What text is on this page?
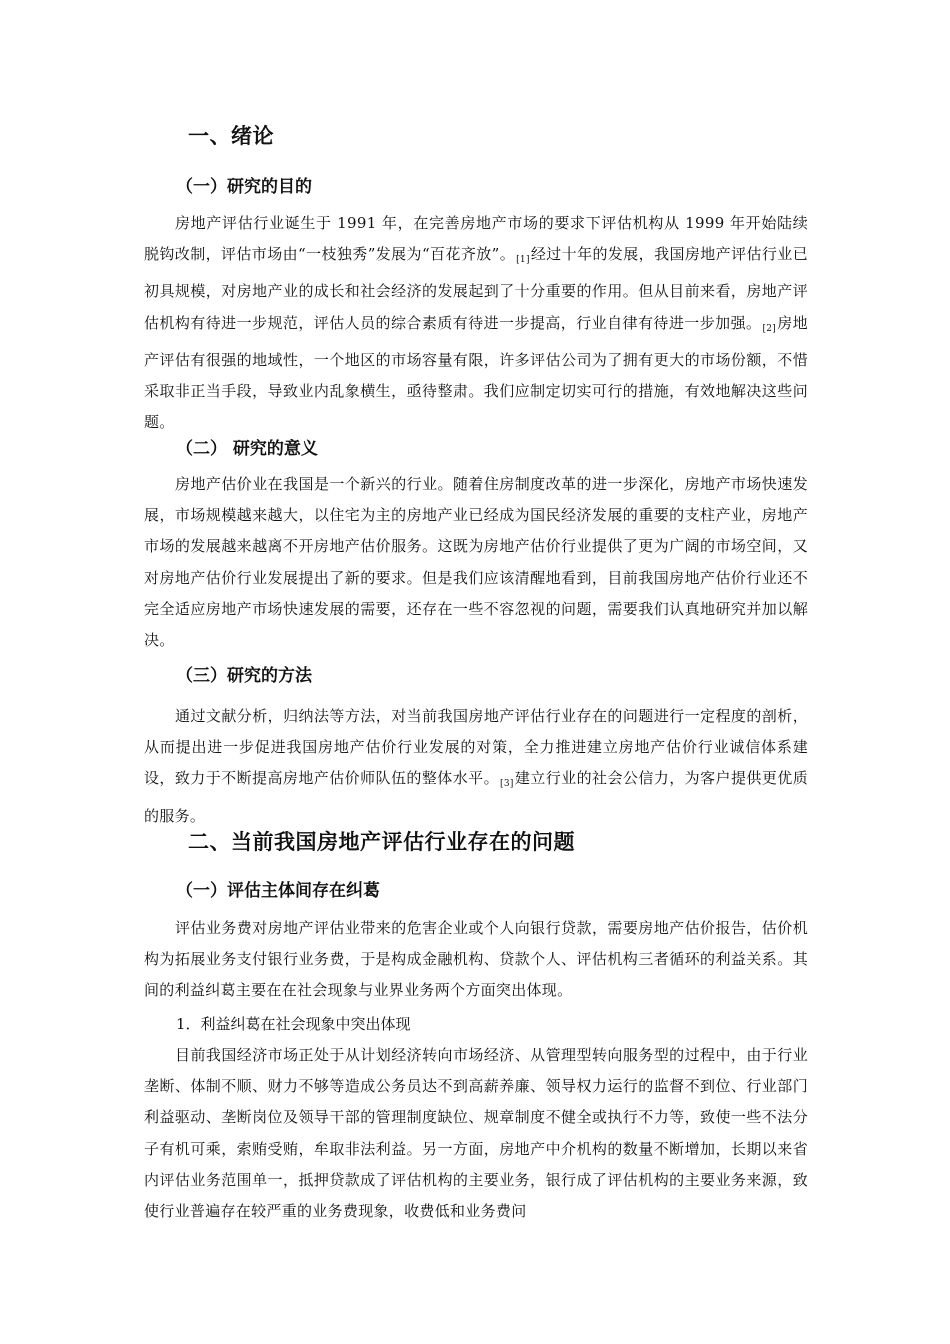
一、绪论
（一）研究的目的

房地产评估行业诞生于 1991 年，在完善房地产市场的要求下评估机构从 1999 年开始陆续脱钩改制，评估市场由“一枝独秀”发展为“百花齐放”。$_{[1]}$经过十年的发展，我国房地产评估行业已初具规模，对房地产业的成长和社会经济的发展起到了十分重要的作用。但从目前来看，房地产评估机构有待进一步规范，评估人员的综合素质有待进一步提高，行业自律有待进一步加强。$_{[2]}$房地产评估有很强的地域性，一个地区的市场容量有限，许多评估公司为了拥有更大的市场份额，不惜采取非正当手段，导致业内乱象横生，亟待整肃。我们应制定切实可行的措施，有效地解决这些问题。

（二） 研究的意义

房地产估价业在我国是一个新兴的行业。随着住房制度改革的进一步深化，房地产市场快速发展，市场规模越来越大，以住宅为主的房地产业已经成为国民经济发展的重要的支柱产业，房地产市场的发展越来越离不开房地产估价服务。这既为房地产估价行业提供了更为广阔的市场空间，又对房地产估价行业发展提出了新的要求。但是我们应该清醒地看到，目前我国房地产估价行业还不完全适应房地产市场快速发展的需要，还存在一些不容忽视的问题，需要我们认真地研究并加以解决。

（三）研究的方法

通过文献分析，归纳法等方法，对当前我国房地产评估行业存在的问题进行一定程度的剖析，从而提出进一步促进我国房地产估价行业发展的对策，全力推进建立房地产估价行业诚信体系建设，致力于不断提高房地产估价师队伍的整体水平。$_{[3]}$建立行业的社会公信力，为客户提供更优质的服务。

二、当前我国房地产评估行业存在的问题
（一）评估主体间存在纠葛

评估业务费对房地产评估业带来的危害企业或个人向银行贷款，需要房地产估价报告，估价机构为拓展业务支付银行业务费，于是构成金融机构、贷款个人、评估机构三者循环的利益关系。其间的利益纠葛主要在在社会现象与业界业务两个方面突出体现。

1．利益纠葛在社会现象中突出体现

目前我国经济市场正处于从计划经济转向市场经济、从管理型转向服务型的过程中，由于行业垄断、体制不顺、财力不够等造成公务员达不到高薪养廉、领导权力运行的监督不到位、行业部门利益驱动、垄断岗位及领导干部的管理制度缺位、规章制度不健全或执行不力等，致使一些不法分子有机可乘，索贿受贿，牟取非法利益。另一方面，房地产中介机构的数量不断增加，长期以来省内评估业务范围单一，抵押贷款成了评估机构的主要业务，银行成了评估机构的主要业务来源，致使行业普遍存在较严重的业务费现象，收费低和业务费问
